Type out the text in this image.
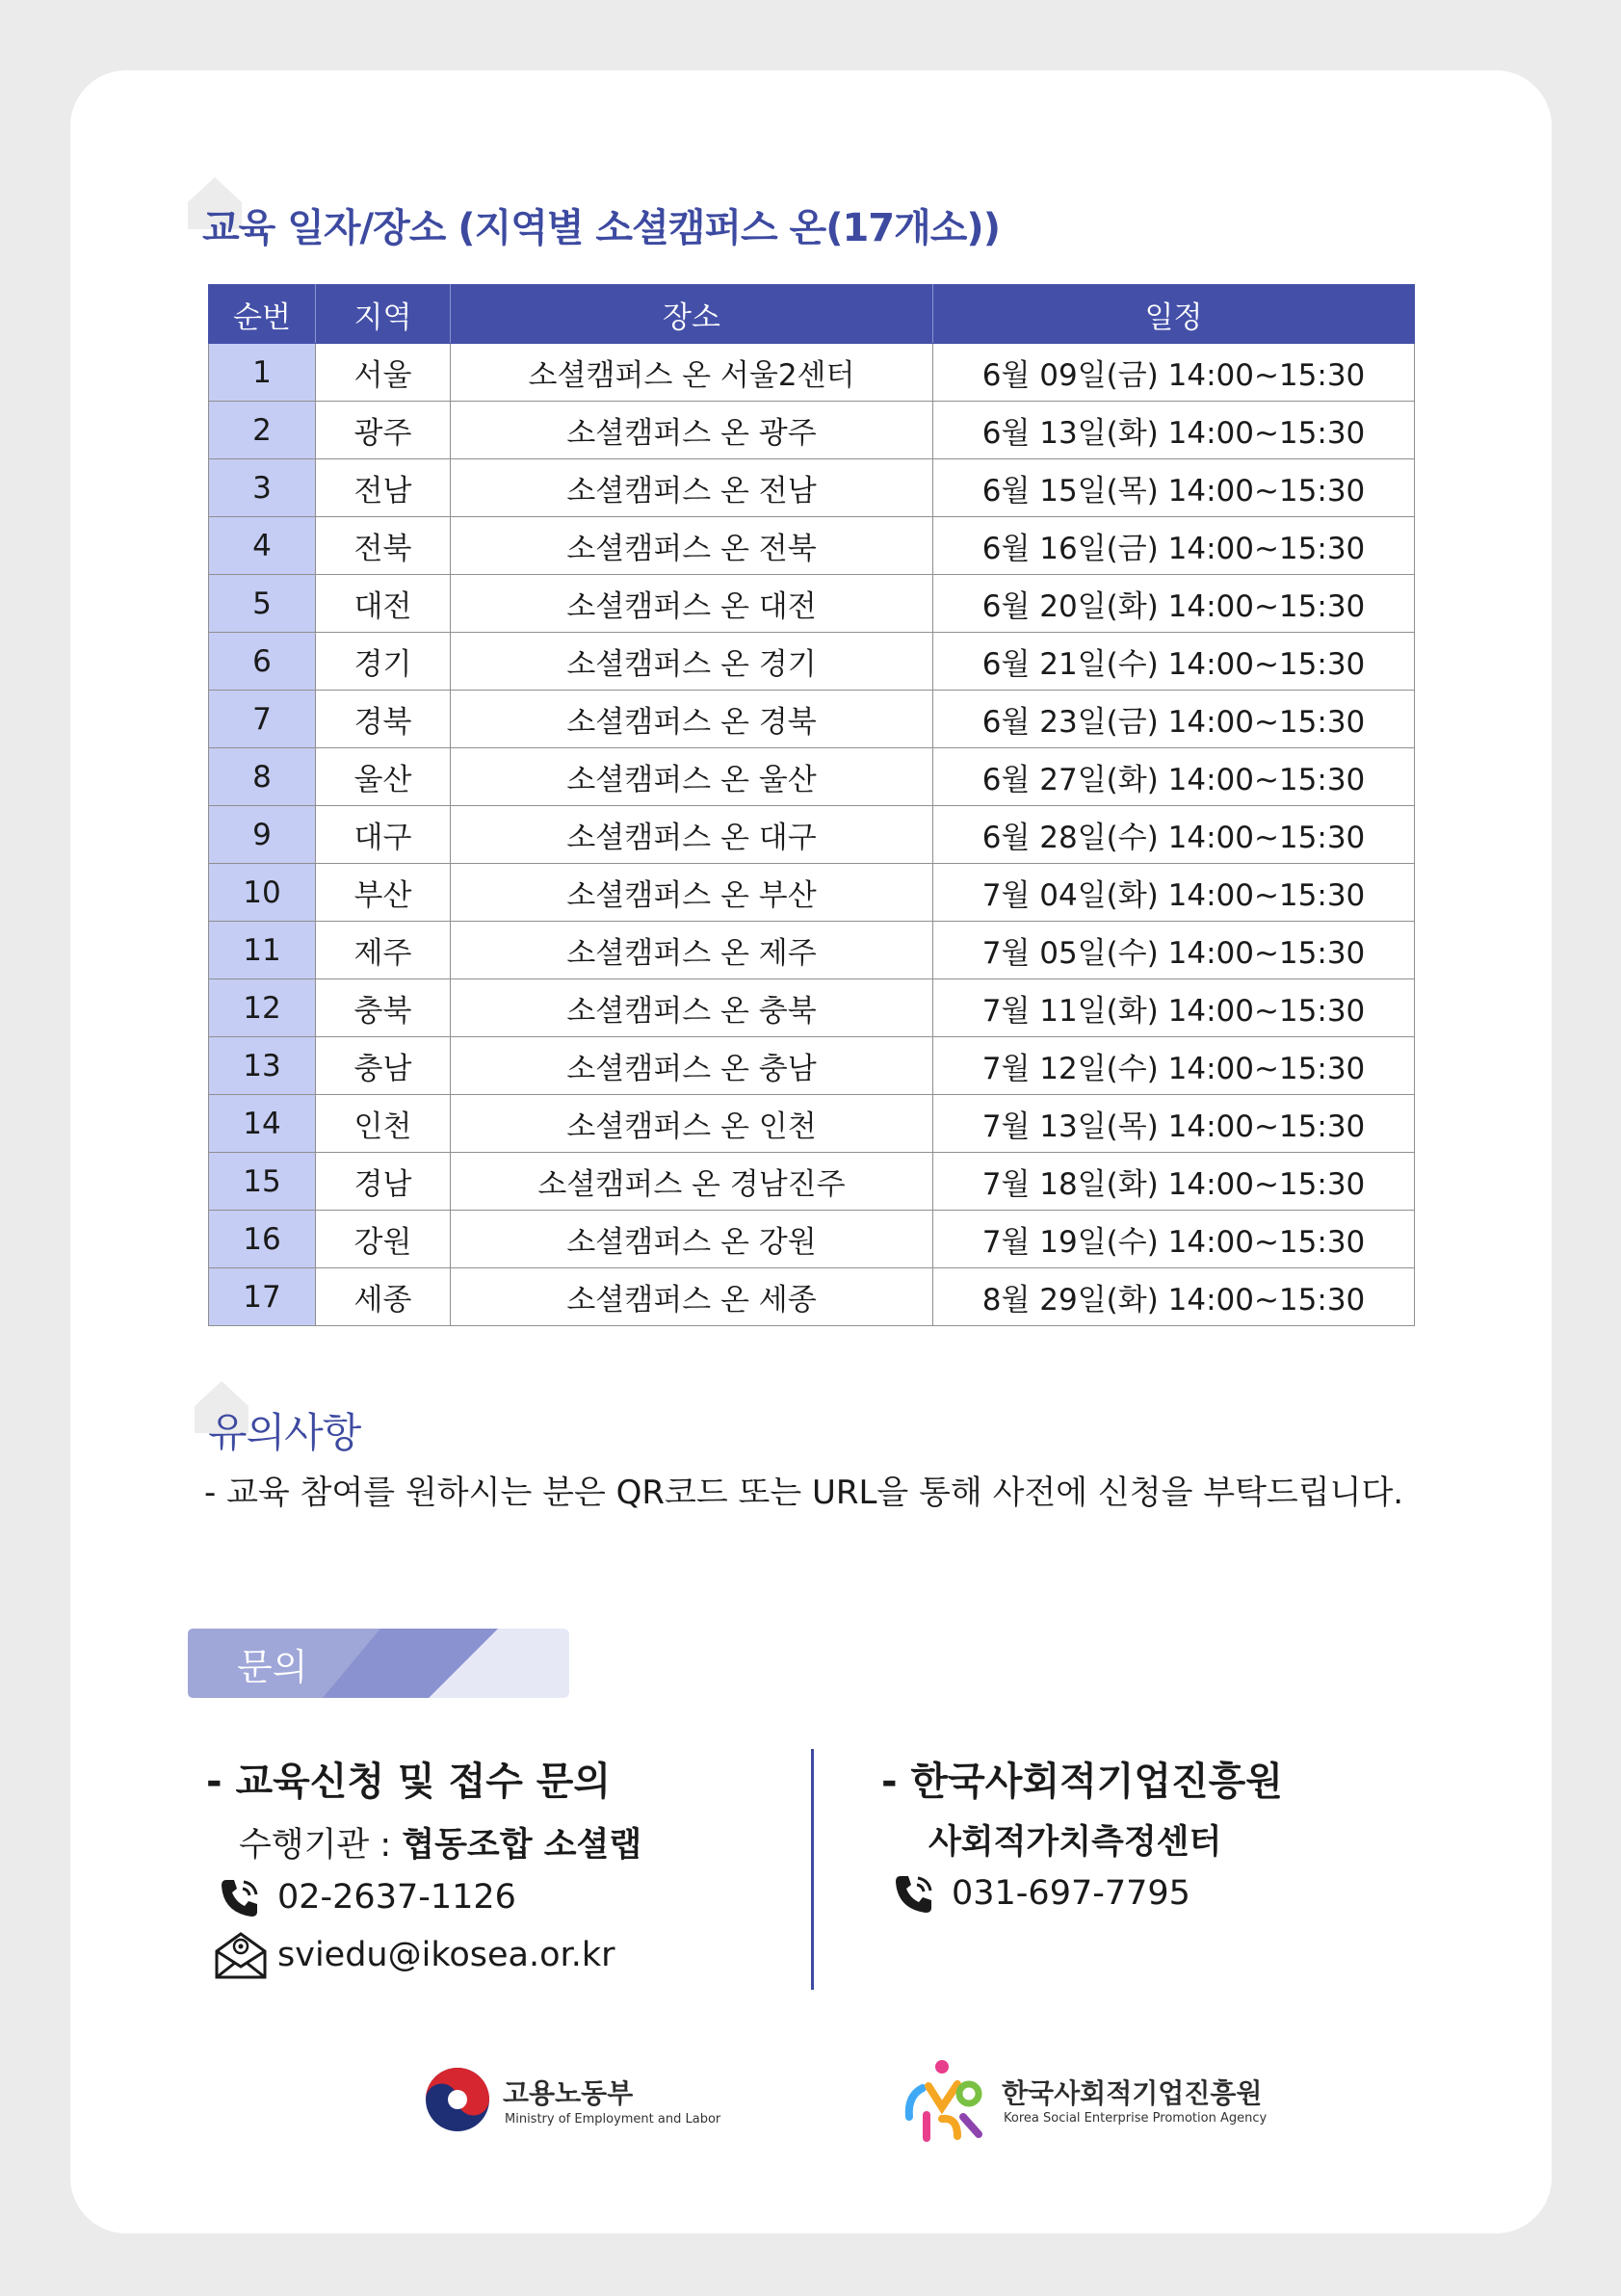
교육 일자/장소 (지역별 소셜캠퍼스 온(17개소))
순번	지역	장소	일정
1	서울	소셜캠퍼스 온 서울2센터	6월 09일(금) 14:00~15:30
2	광주	소셜캠퍼스 온 광주	6월 13일(화) 14:00~15:30
3	전남	소셜캠퍼스 온 전남	6월 15일(목) 14:00~15:30
4	전북	소셜캠퍼스 온 전북	6월 16일(금) 14:00~15:30
5	대전	소셜캠퍼스 온 대전	6월 20일(화) 14:00~15:30
6	경기	소셜캠퍼스 온 경기	6월 21일(수) 14:00~15:30
7	경북	소셜캠퍼스 온 경북	6월 23일(금) 14:00~15:30
8	울산	소셜캠퍼스 온 울산	6월 27일(화) 14:00~15:30
9	대구	소셜캠퍼스 온 대구	6월 28일(수) 14:00~15:30
10	부산	소셜캠퍼스 온 부산	7월 04일(화) 14:00~15:30
11	제주	소셜캠퍼스 온 제주	7월 05일(수) 14:00~15:30
12	충북	소셜캠퍼스 온 충북	7월 11일(화) 14:00~15:30
13	충남	소셜캠퍼스 온 충남	7월 12일(수) 14:00~15:30
14	인천	소셜캠퍼스 온 인천	7월 13일(목) 14:00~15:30
15	경남	소셜캠퍼스 온 경남진주	7월 18일(화) 14:00~15:30
16	강원	소셜캠퍼스 온 강원	7월 19일(수) 14:00~15:30
17	세종	소셜캠퍼스 온 세종	8월 29일(화) 14:00~15:30
유의사항
- 교육 참여를 원하시는 분은 QR코드 또는 URL을 통해 사전에 신청을 부탁드립니다.
문의
- 교육신청 및 접수 문의
수행기관 : 협동조합 소셜랩
02-2637-1126
sviedu@ikosea.or.kr
- 한국사회적기업진흥원
사회적가치측정센터
031-697-7795
고용노동부
Ministry of Employment and Labor
한국사회적기업진흥원
Korea Social Enterprise Promotion Agency
